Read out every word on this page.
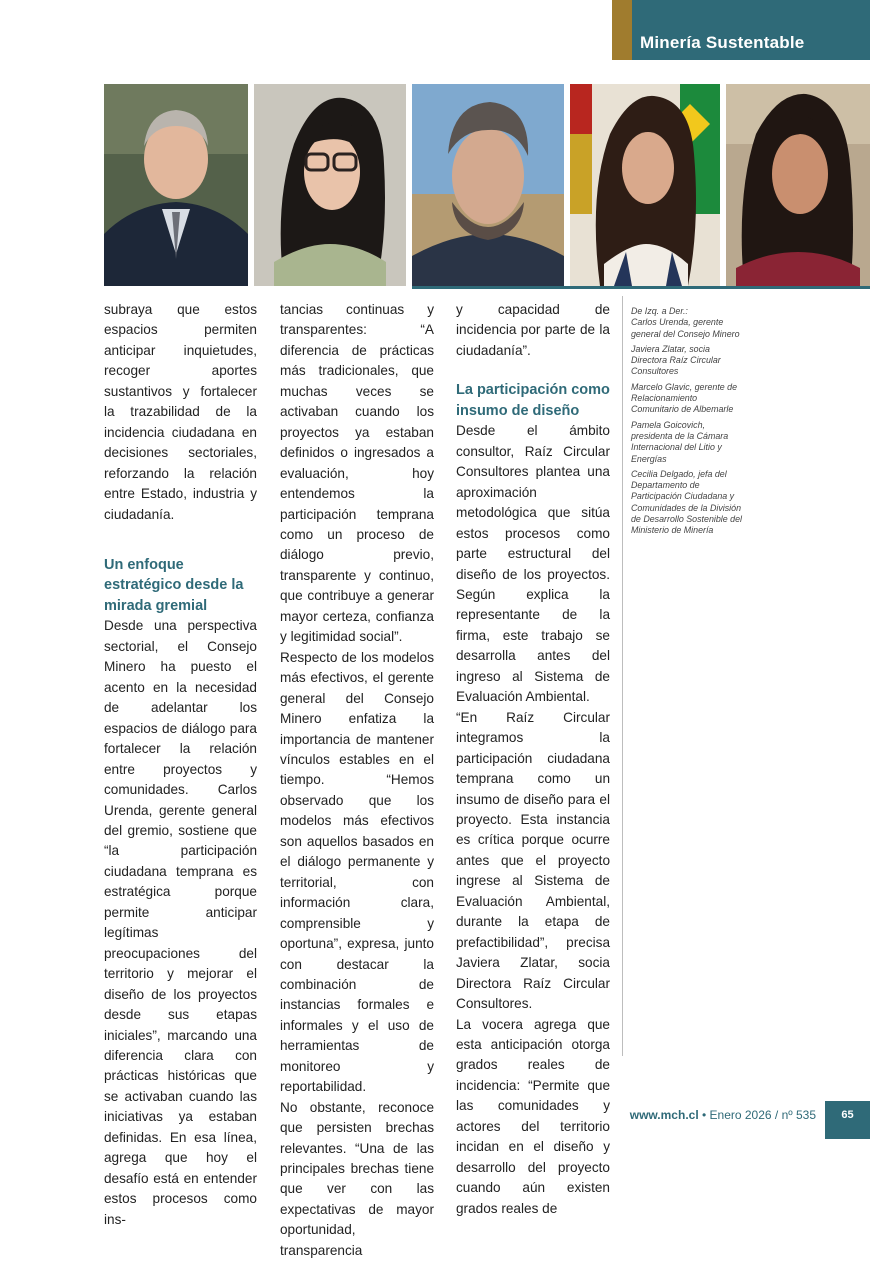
Minería Sustentable

subraya que estos espacios permiten anticipar inquietudes, recoger aportes sustantivos y fortalecer la trazabilidad de la incidencia ciudadana en decisiones sectoriales, reforzando la relación entre Estado, industria y ciudadanía.

Un enfoque estratégico desde la mirada gremial

Desde una perspectiva sectorial, el Consejo Minero ha puesto el acento en la necesidad de adelantar los espacios de diálogo para fortalecer la relación entre proyectos y comunidades. Carlos Urenda, gerente general del gremio, sostiene que “la participación ciudadana temprana es estratégica porque permite anticipar legítimas preocupaciones del territorio y mejorar el diseño de los proyectos desde sus etapas iniciales”, marcando una diferencia clara con prácticas históricas que se activaban cuando las iniciativas ya estaban definidas. En esa línea, agrega que hoy el desafío está en entender estos procesos como ins-

tancias continuas y transparentes: “A diferencia de prácticas más tradicionales, que muchas veces se activaban cuando los proyectos ya estaban definidos o ingresados a evaluación, hoy entendemos la participación temprana como un proceso de diálogo previo, transparente y continuo, que contribuye a generar mayor certeza, confianza y legitimidad social”.

Respecto de los modelos más efectivos, el gerente general del Consejo Minero enfatiza la importancia de mantener vínculos estables en el tiempo. “Hemos observado que los modelos más efectivos son aquellos basados en el diálogo permanente y territorial, con información clara, comprensible y oportuna”, expresa, junto con destacar la combinación de instancias formales e informales y el uso de herramientas de monitoreo y reportabilidad.

No obstante, reconoce que persisten brechas relevantes. “Una de las principales brechas tiene que ver con las expectativas de mayor oportunidad, transparencia

y capacidad de incidencia por parte de la ciudadanía”.

La participación como insumo de diseño

Desde el ámbito consultor, Raíz Circular Consultores plantea una aproximación metodológica que sitúa estos procesos como parte estructural del diseño de los proyectos. Según explica la representante de la firma, este trabajo se desarrolla antes del ingreso al Sistema de Evaluación Ambiental.

“En Raíz Circular integramos la participación ciudadana temprana como un insumo de diseño para el proyecto. Esta instancia es crítica porque ocurre antes que el proyecto ingrese al Sistema de Evaluación Ambiental, durante la etapa de prefactibilidad”, precisa Javiera Zlatar, socia Directora Raíz Circular Consultores.

La vocera agrega que esta anticipación otorga grados reales de incidencia: “Permite que las comunidades y actores del territorio incidan en el diseño y desarrollo del proyecto cuando aún existen grados reales de

De Izq. a Der.:
Carlos Urenda, gerente general del Consejo Minero
Javiera Zlatar, socia Directora Raíz Circular Consultores
Marcelo Glavic, gerente de Relacionamiento Comunitario de Albemarle
Pamela Goicovich, presidenta de la Cámara Internacional del Litio y Energías
Cecilia Delgado, jefa del Departamento de Participación Ciudadana y Comunidades de la División de Desarrollo Sostenible del Ministerio de Minería
www.mch.cl • Enero 2026 / nº 535	65
